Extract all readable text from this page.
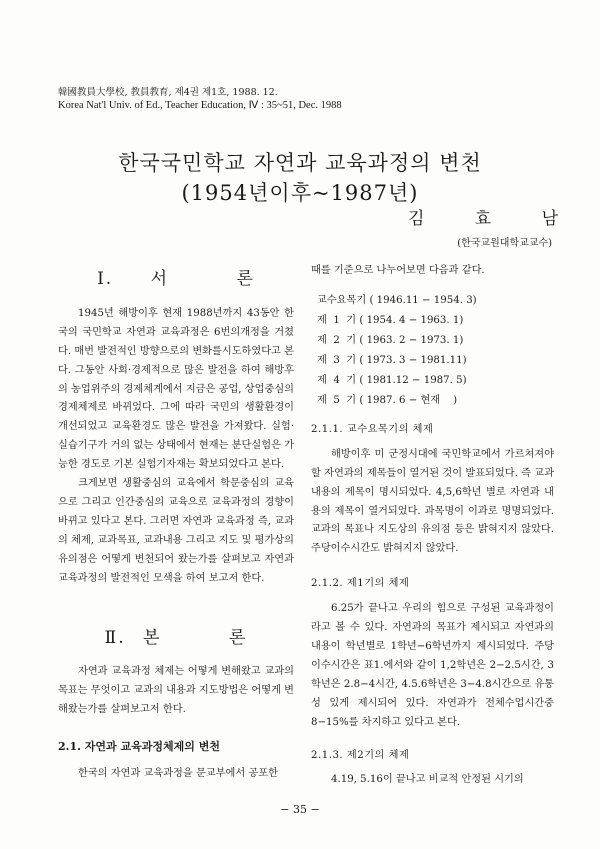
韓國教員大學校, 教員教育, 제4권 제1호, 1988. 12.
Korea Nat'l Univ. of Ed., Teacher Education, Ⅳ : 35~51, Dec. 1988
한국국민학교 자연과 교육과정의 변천
(1954년이후~1987년)
김	효	남
(한국교원대학교교수)
Ⅰ. 서	론

1945년 해방이후 현재 1988년까지 43동안 한국의 국민학교 자연과 교육과정은 6번의개정을 거쳤다. 매번 발전적인 방향으로의 변화를시도하였다고 본다. 그동안 사회·경제적으로 많은 발전을 하여 해방후의 농업위주의 경제체계에서 지금은 공업, 상업중심의 경제체제로 바뀌었다. 그에 따라 국민의 생활환경이 개선되었고 교육환경도 많은 발전을 가져왔다. 실험·실습기구가 거의 없는 상태에서 현재는 분단실험은 가능한 경도로 기본 실험기자재는 확보되었다고 본다.

크게보면 생활중심의 교육에서 학문중심의 교육으로 그리고 인간중심의 교육으로 교육과정의 경향이 바뀌고 있다고 본다. 그러면 자연과 교육과정 즉, 교과의 체제, 교과목표, 교과내용 그리고 지도 및 평가상의 유의점은 어떻게 변천되어 왔는가를 살펴보고 자연과 교육과정의 발전적인 모색을 하여 보고저 한다.

Ⅱ. 본	론

자연과 교육과정 체제는 어떻게 변해왔고 교과의 목표는 무엇이고 교과의 내용과 지도방법은 어떻게 변해왔는가를 살펴보고저 한다.

2.1. 자연과 교육과정체제의 변천

한국의 자연과 교육과정을 문교부에서 공포한

때를 기준으로 나누어보면 다음과 같다.

교수요목기 ( 1946.11 − 1954. 3)
제  1  기 ( 1954. 4 − 1963. 1)
제  2  기 ( 1963. 2 − 1973. 1)
제  3  기 ( 1973. 3 − 1981.11)
제  4  기 ( 1981.12 − 1987. 5)
제  5  기 ( 1987. 6 − 현재    )
2.1.1. 교수요목기의 체제

해방이후 미 군정시대에 국민학교에서 가르쳐져야할 자연과의 제목들이 열거된 것이 발표되었다. 즉 교과내용의 제목이 명시되었다. 4,5,6학년 별로 자연과 내용의 제목이 열거되었다. 과목명이 이과로 명명되었다. 교과의 목표나 지도상의 유의점 등은 밝혀지지 않았다. 주당이수시간도 밝혀지지 않았다.

2.1.2. 제1기의 체제

6.25가 끝나고 우리의 힘으로 구성된 교육과정이라고 볼 수 있다. 자연과의 목표가 제시되고 자연과의 내용이 학년별로 1학년−6학년까지 제시되었다. 주당이수시간은 표1.에서와 같이 1,2학년은 2−2.5시간, 3학년은 2.8−4시간, 4.5.6학년은 3−4.8시간으로 유통성 있게 제시되어 있다. 자연과가 전체수업시간중 8−15%를 차지하고 있다고 본다.

2.1.3. 제2기의 체제

4.19, 5.16이 끝나고 비교적 안정된 시기의

− 35 −
